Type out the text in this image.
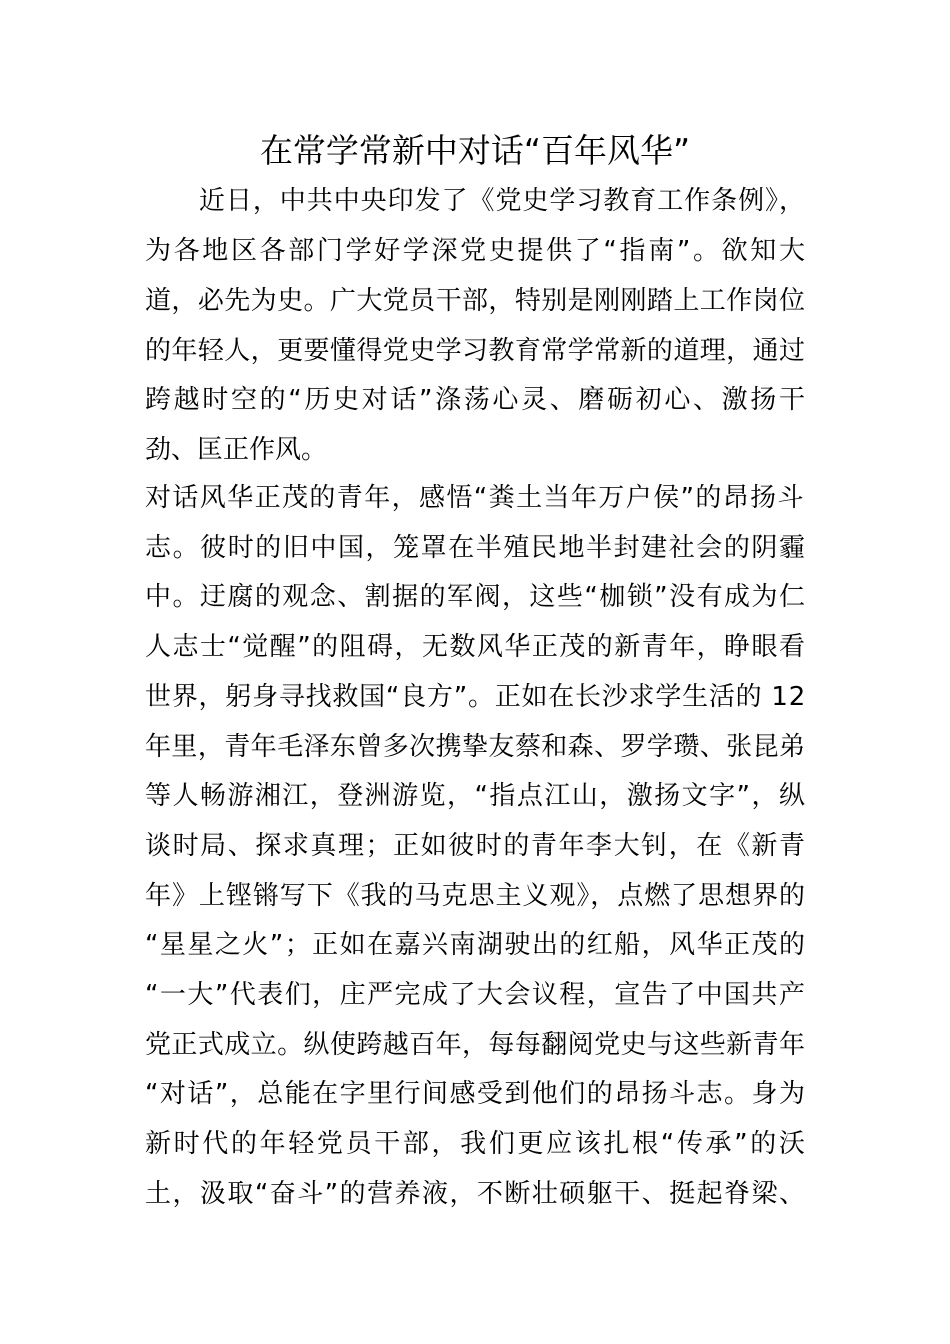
在常学常新中对话“百年风华”
　　近日，中共中央印发了《党史学习教育工作条例》，
为各地区各部门学好学深党史提供了“指南”。欲知大
道，必先为史。广大党员干部，特别是刚刚踏上工作岗位
的年轻人，更要懂得党史学习教育常学常新的道理，通过
跨越时空的“历史对话”涤荡心灵、磨砺初心、激扬干
劲、匡正作风。
对话风华正茂的青年，感悟“粪土当年万户侯”的昂扬斗
志。彼时的旧中国，笼罩在半殖民地半封建社会的阴霾
中。迂腐的观念、割据的军阀，这些“枷锁”没有成为仁
人志士“觉醒”的阻碍，无数风华正茂的新青年，睁眼看
世界，躬身寻找救国“良方”。正如在长沙求学生活的 12
年里，青年毛泽东曾多次携挚友蔡和森、罗学瓒、张昆弟
等人畅游湘江，登洲游览，“指点江山，激扬文字”，纵
谈时局、探求真理；正如彼时的青年李大钊，在《新青
年》上铿锵写下《我的马克思主义观》，点燃了思想界的
“星星之火”；正如在嘉兴南湖驶出的红船，风华正茂的
“一大”代表们，庄严完成了大会议程，宣告了中国共产
党正式成立。纵使跨越百年，每每翻阅党史与这些新青年
“对话”，总能在字里行间感受到他们的昂扬斗志。身为
新时代的年轻党员干部，我们更应该扎根“传承”的沃
土，汲取“奋斗”的营养液，不断壮硕躯干、挺起脊梁、
